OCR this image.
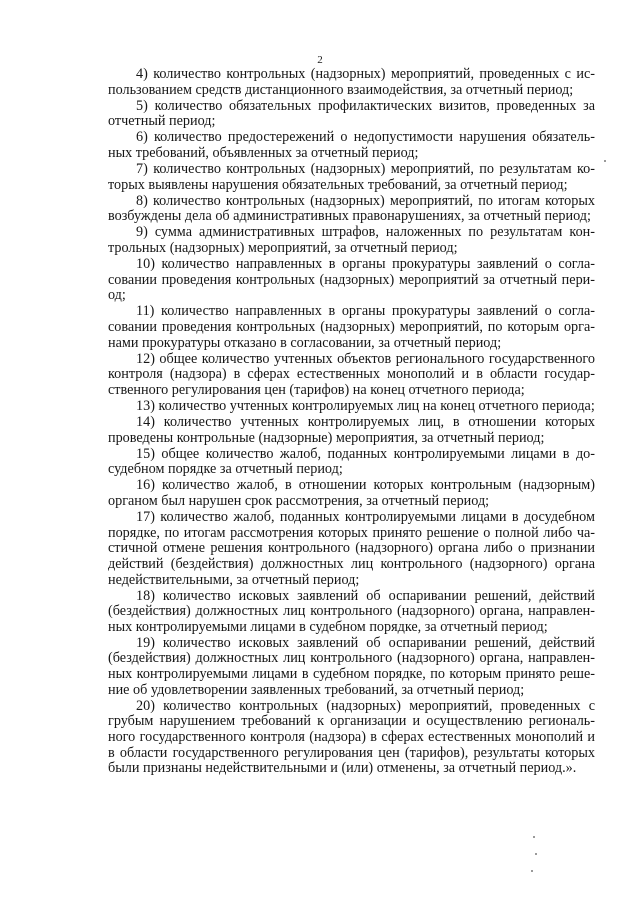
2

4) количество контрольных (надзорных) мероприятий, проведенных с использованием средств дистанционного взаимодействия, за отчетный период;

5) количество обязательных профилактических визитов, проведенных за отчетный период;

6) количество предостережений о недопустимости нарушения обязательных требований, объявленных за отчетный период;

7) количество контрольных (надзорных) мероприятий, по результатам которых выявлены нарушения обязательных требований, за отчетный период;

8) количество контрольных (надзорных) мероприятий, по итогам которых возбуждены дела об административных правонарушениях, за отчетный период;

9) сумма административных штрафов, наложенных по результатам контрольных (надзорных) мероприятий, за отчетный период;

10) количество направленных в органы прокуратуры заявлений о согласовании проведения контрольных (надзорных) мероприятий за отчетный период;

11) количество направленных в органы прокуратуры заявлений о согласовании проведения контрольных (надзорных) мероприятий, по которым органами прокуратуры отказано в согласовании, за отчетный период;

12) общее количество учтенных объектов регионального государственного контроля (надзора) в сферах естественных монополий и в области государственного регулирования цен (тарифов) на конец отчетного периода;

13) количество учтенных контролируемых лиц на конец отчетного периода;

14) количество учтенных контролируемых лиц, в отношении которых проведены контрольные (надзорные) мероприятия, за отчетный период;

15) общее количество жалоб, поданных контролируемыми лицами в досудебном порядке за отчетный период;

16) количество жалоб, в отношении которых контрольным (надзорным) органом был нарушен срок рассмотрения, за отчетный период;

17) количество жалоб, поданных контролируемыми лицами в досудебном порядке, по итогам рассмотрения которых принято решение о полной либо частичной отмене решения контрольного (надзорного) органа либо о признании действий (бездействия) должностных лиц контрольного (надзорного) органа недействительными, за отчетный период;

18) количество исковых заявлений об оспаривании решений, действий (бездействия) должностных лиц контрольного (надзорного) органа, направленных контролируемыми лицами в судебном порядке, за отчетный период;

19) количество исковых заявлений об оспаривании решений, действий (бездействия) должностных лиц контрольного (надзорного) органа, направленных контролируемыми лицами в судебном порядке, по которым принято решение об удовлетворении заявленных требований, за отчетный период;

20) количество контрольных (надзорных) мероприятий, проведенных с грубым нарушением требований к организации и осуществлению регионального государственного контроля (надзора) в сферах естественных монополий и в области государственного регулирования цен (тарифов), результаты которых были признаны недействительными и (или) отменены, за отчетный период.».
